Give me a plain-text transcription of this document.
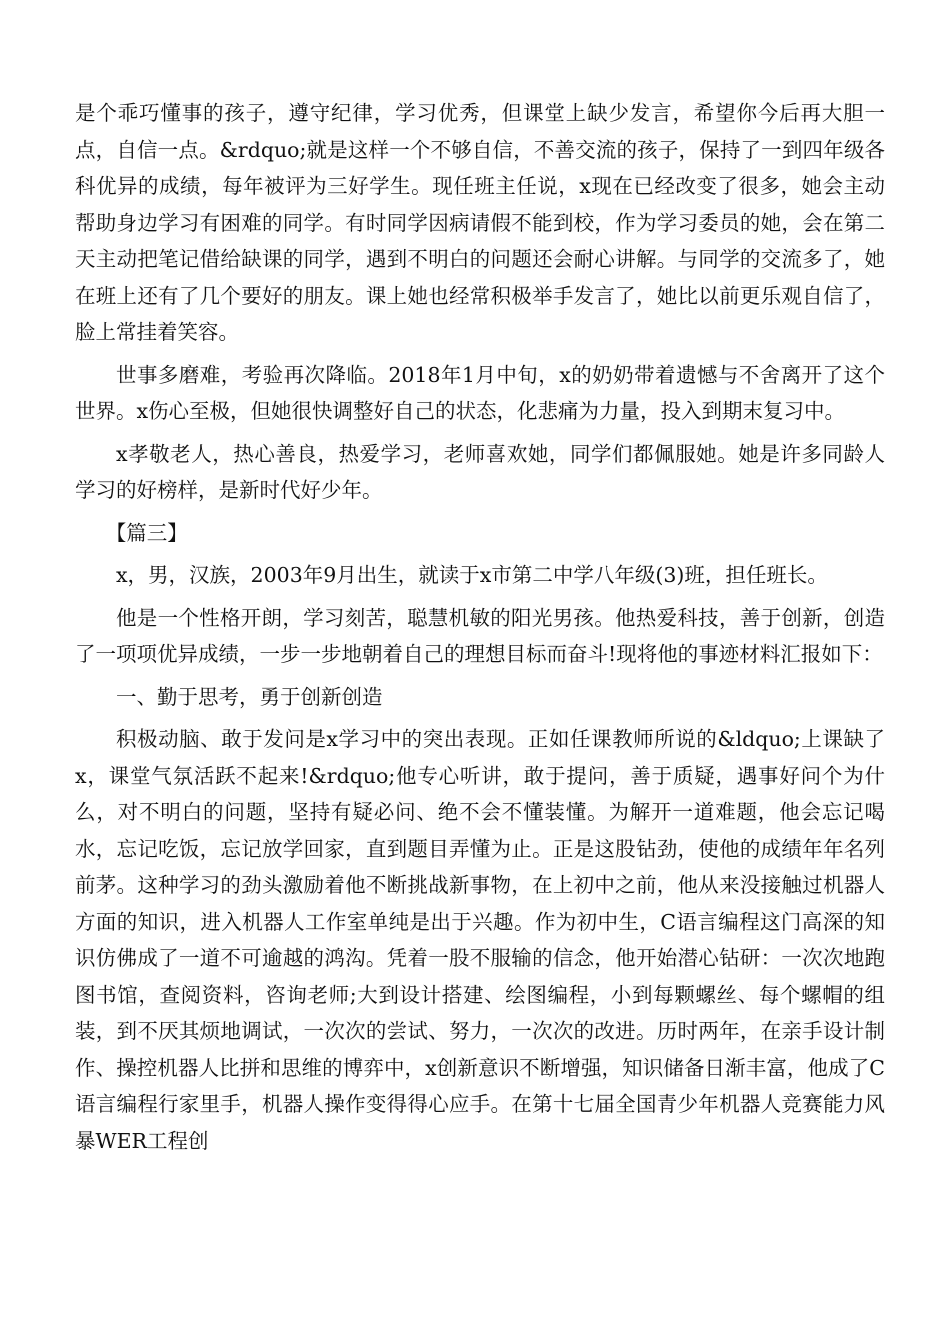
是个乖巧懂事的孩子，遵守纪律，学习优秀，但课堂上缺少发言，希望你今后再大胆一点，自信一点。&rdquo;就是这样一个不够自信，不善交流的孩子，保持了一到四年级各科优异的成绩，每年被评为三好学生。现任班主任说，x现在已经改变了很多，她会主动帮助身边学习有困难的同学。有时同学因病请假不能到校，作为学习委员的她，会在第二天主动把笔记借给缺课的同学，遇到不明白的问题还会耐心讲解。与同学的交流多了，她在班上还有了几个要好的朋友。课上她也经常积极举手发言了，她比以前更乐观自信了，脸上常挂着笑容。

世事多磨难，考验再次降临。2018年1月中旬，x的奶奶带着遗憾与不舍离开了这个世界。x伤心至极，但她很快调整好自己的状态，化悲痛为力量，投入到期末复习中。

x孝敬老人，热心善良，热爱学习，老师喜欢她，同学们都佩服她。她是许多同龄人学习的好榜样，是新时代好少年。

【篇三】

x，男，汉族，2003年9月出生，就读于x市第二中学八年级(3)班，担任班长。

他是一个性格开朗，学习刻苦，聪慧机敏的阳光男孩。他热爱科技，善于创新，创造了一项项优异成绩，一步一步地朝着自己的理想目标而奋斗!现将他的事迹材料汇报如下：

一、勤于思考，勇于创新创造

积极动脑、敢于发问是x学习中的突出表现。正如任课教师所说的&ldquo;上课缺了x，课堂气氛活跃不起来!&rdquo;他专心听讲，敢于提问，善于质疑，遇事好问个为什么，对不明白的问题，坚持有疑必问、绝不会不懂装懂。为解开一道难题，他会忘记喝水，忘记吃饭，忘记放学回家，直到题目弄懂为止。正是这股钻劲，使他的成绩年年名列前茅。这种学习的劲头激励着他不断挑战新事物，在上初中之前，他从来没接触过机器人方面的知识，进入机器人工作室单纯是出于兴趣。作为初中生，C语言编程这门高深的知识仿佛成了一道不可逾越的鸿沟。凭着一股不服输的信念，他开始潜心钻研：一次次地跑图书馆，查阅资料，咨询老师;大到设计搭建、绘图编程，小到每颗螺丝、每个螺帽的组装，到不厌其烦地调试，一次次的尝试、努力，一次次的改进。历时两年，在亲手设计制作、操控机器人比拼和思维的博弈中，x创新意识不断增强，知识储备日渐丰富，他成了C语言编程行家里手，机器人操作变得得心应手。在第十七届全国青少年机器人竞赛能力风暴WER工程创
